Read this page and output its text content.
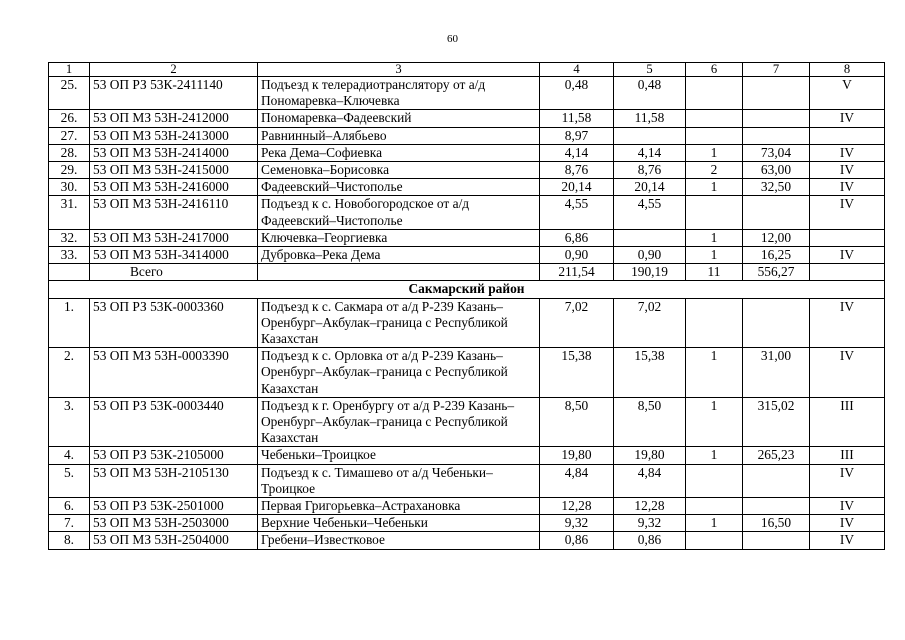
60
1	2	3	4	5	6	7	8
25.	53 ОП РЗ 53К-2411140	Подъезд к телерадиотранслятору от а/д Пономаревка–Ключевка	0,48	0,48			V
26.	53 ОП МЗ 53Н-2412000	Пономаревка–Фадеевский	11,58	11,58			IV
27.	53 ОП МЗ 53Н-2413000	Равнинный–Алябьево	8,97				
28.	53 ОП МЗ 53Н-2414000	Река Дема–Софиевка	4,14	4,14	1	73,04	IV
29.	53 ОП МЗ 53Н-2415000	Семеновка–Борисовка	8,76	8,76	2	63,00	IV
30.	53 ОП МЗ 53Н-2416000	Фадеевский–Чистополье	20,14	20,14	1	32,50	IV
31.	53 ОП МЗ 53Н-2416110	Подъезд к с. Новобогородское от а/д Фадеевский–Чистополье	4,55	4,55			IV
32.	53 ОП МЗ 53Н-2417000	Ключевка–Георгиевка	6,86		1	12,00	
33.	53 ОП МЗ 53Н-3414000	Дубровка–Река Дема	0,90	0,90	1	16,25	IV
	Всего		211,54	190,19	11	556,27	
Сакмарский район							
1.	53 ОП РЗ 53К-0003360	Подъезд к с. Сакмара от а/д Р-239 Казань–Оренбург–Акбулак–граница с Республикой Казахстан	7,02	7,02			IV
2.	53 ОП МЗ 53Н-0003390	Подъезд к с. Орловка от а/д Р-239 Казань–Оренбург–Акбулак–граница с Республикой Казахстан	15,38	15,38	1	31,00	IV
3.	53 ОП РЗ 53К-0003440	Подъезд к г. Оренбургу от а/д Р-239 Казань–Оренбург–Акбулак–граница с Республикой Казахстан	8,50	8,50	1	315,02	III
4.	53 ОП РЗ 53К-2105000	Чебеньки–Троицкое	19,80	19,80	1	265,23	III
5.	53 ОП МЗ 53Н-2105130	Подъезд к с. Тимашево от а/д Чебеньки–Троицкое	4,84	4,84			IV
6.	53 ОП РЗ 53К-2501000	Первая Григорьевка–Астрахановка	12,28	12,28			IV
7.	53 ОП МЗ 53Н-2503000	Верхние Чебеньки–Чебеньки	9,32	9,32	1	16,50	IV
8.	53 ОП МЗ 53Н-2504000	Гребени–Известковое	0,86	0,86			IV
